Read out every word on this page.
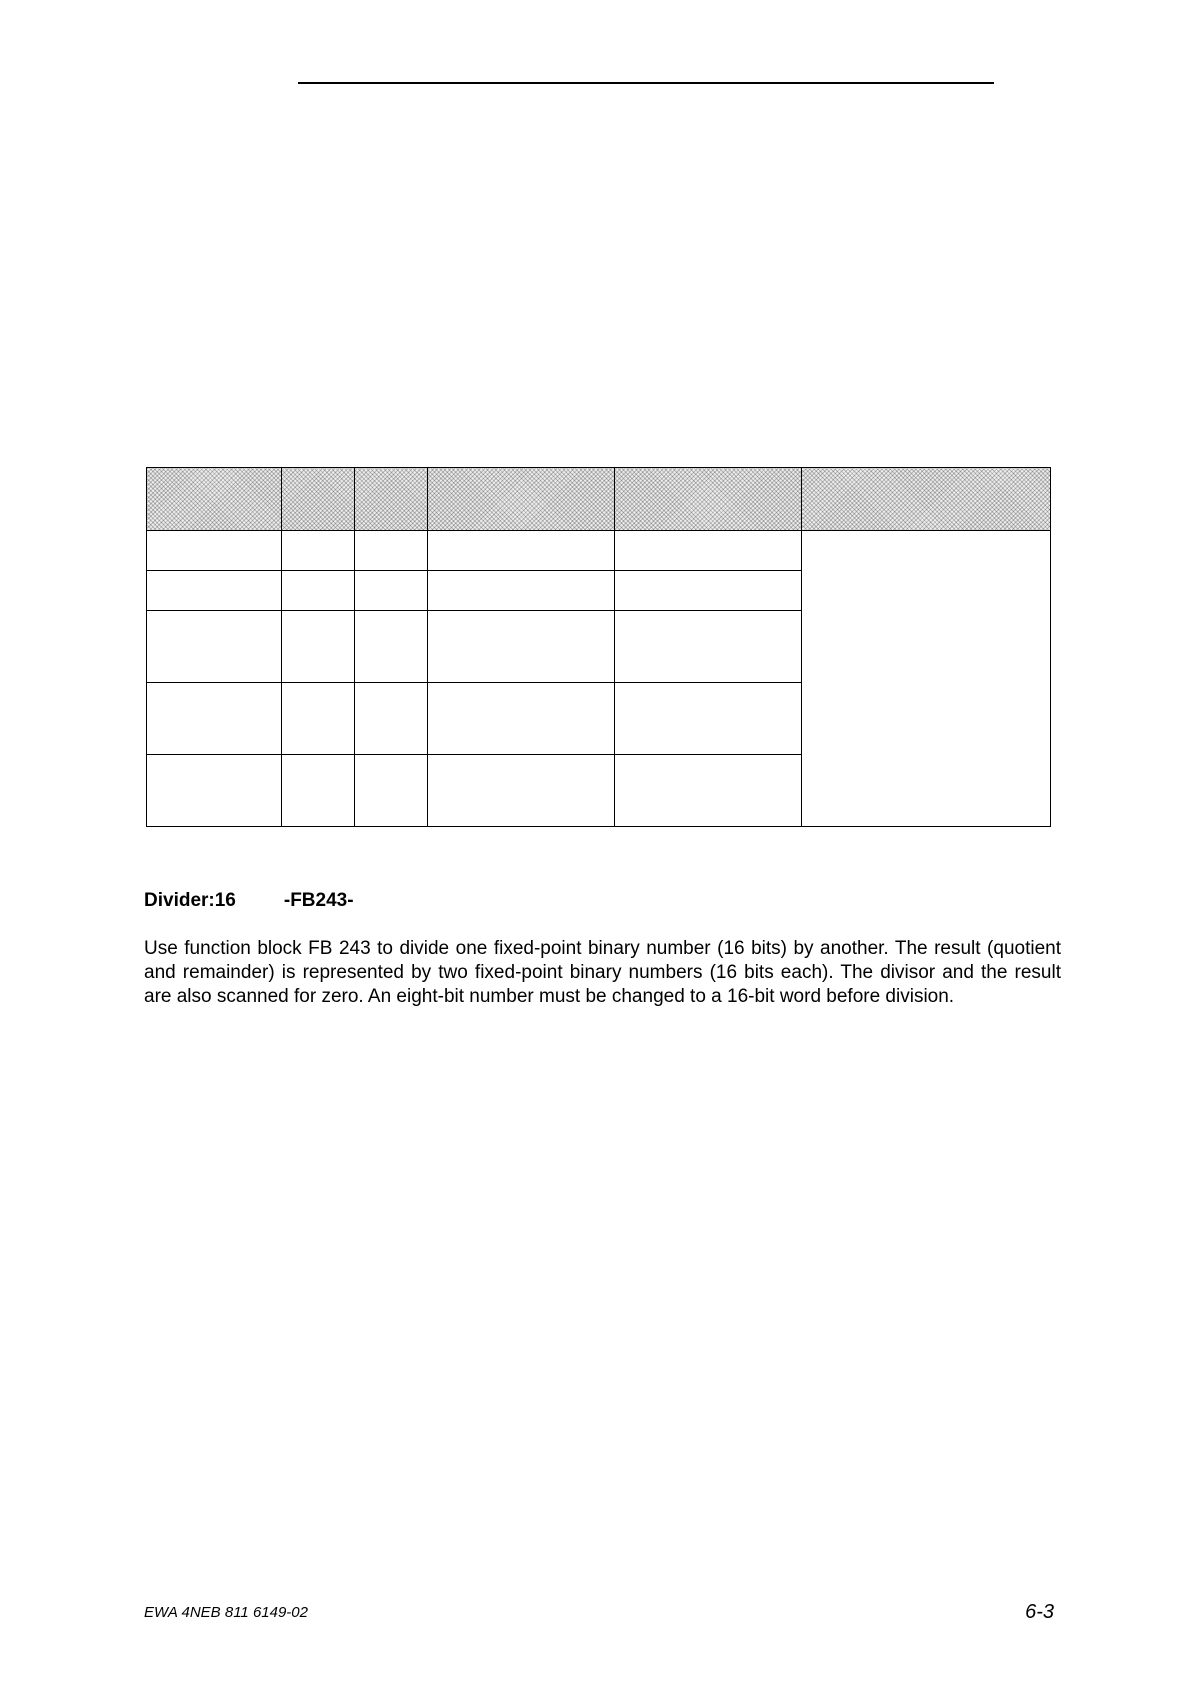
Divider:16	-FB243-

Use function block FB 243 to divide one fixed-point binary number (16 bits) by another. The result (quotient and remainder) is represented by two fixed-point binary numbers (16 bits each). The divisor and the result are also scanned for zero. An eight-bit number must be changed to a 16-bit word before division.

EWA 4NEB 811 6149-02	6-3
